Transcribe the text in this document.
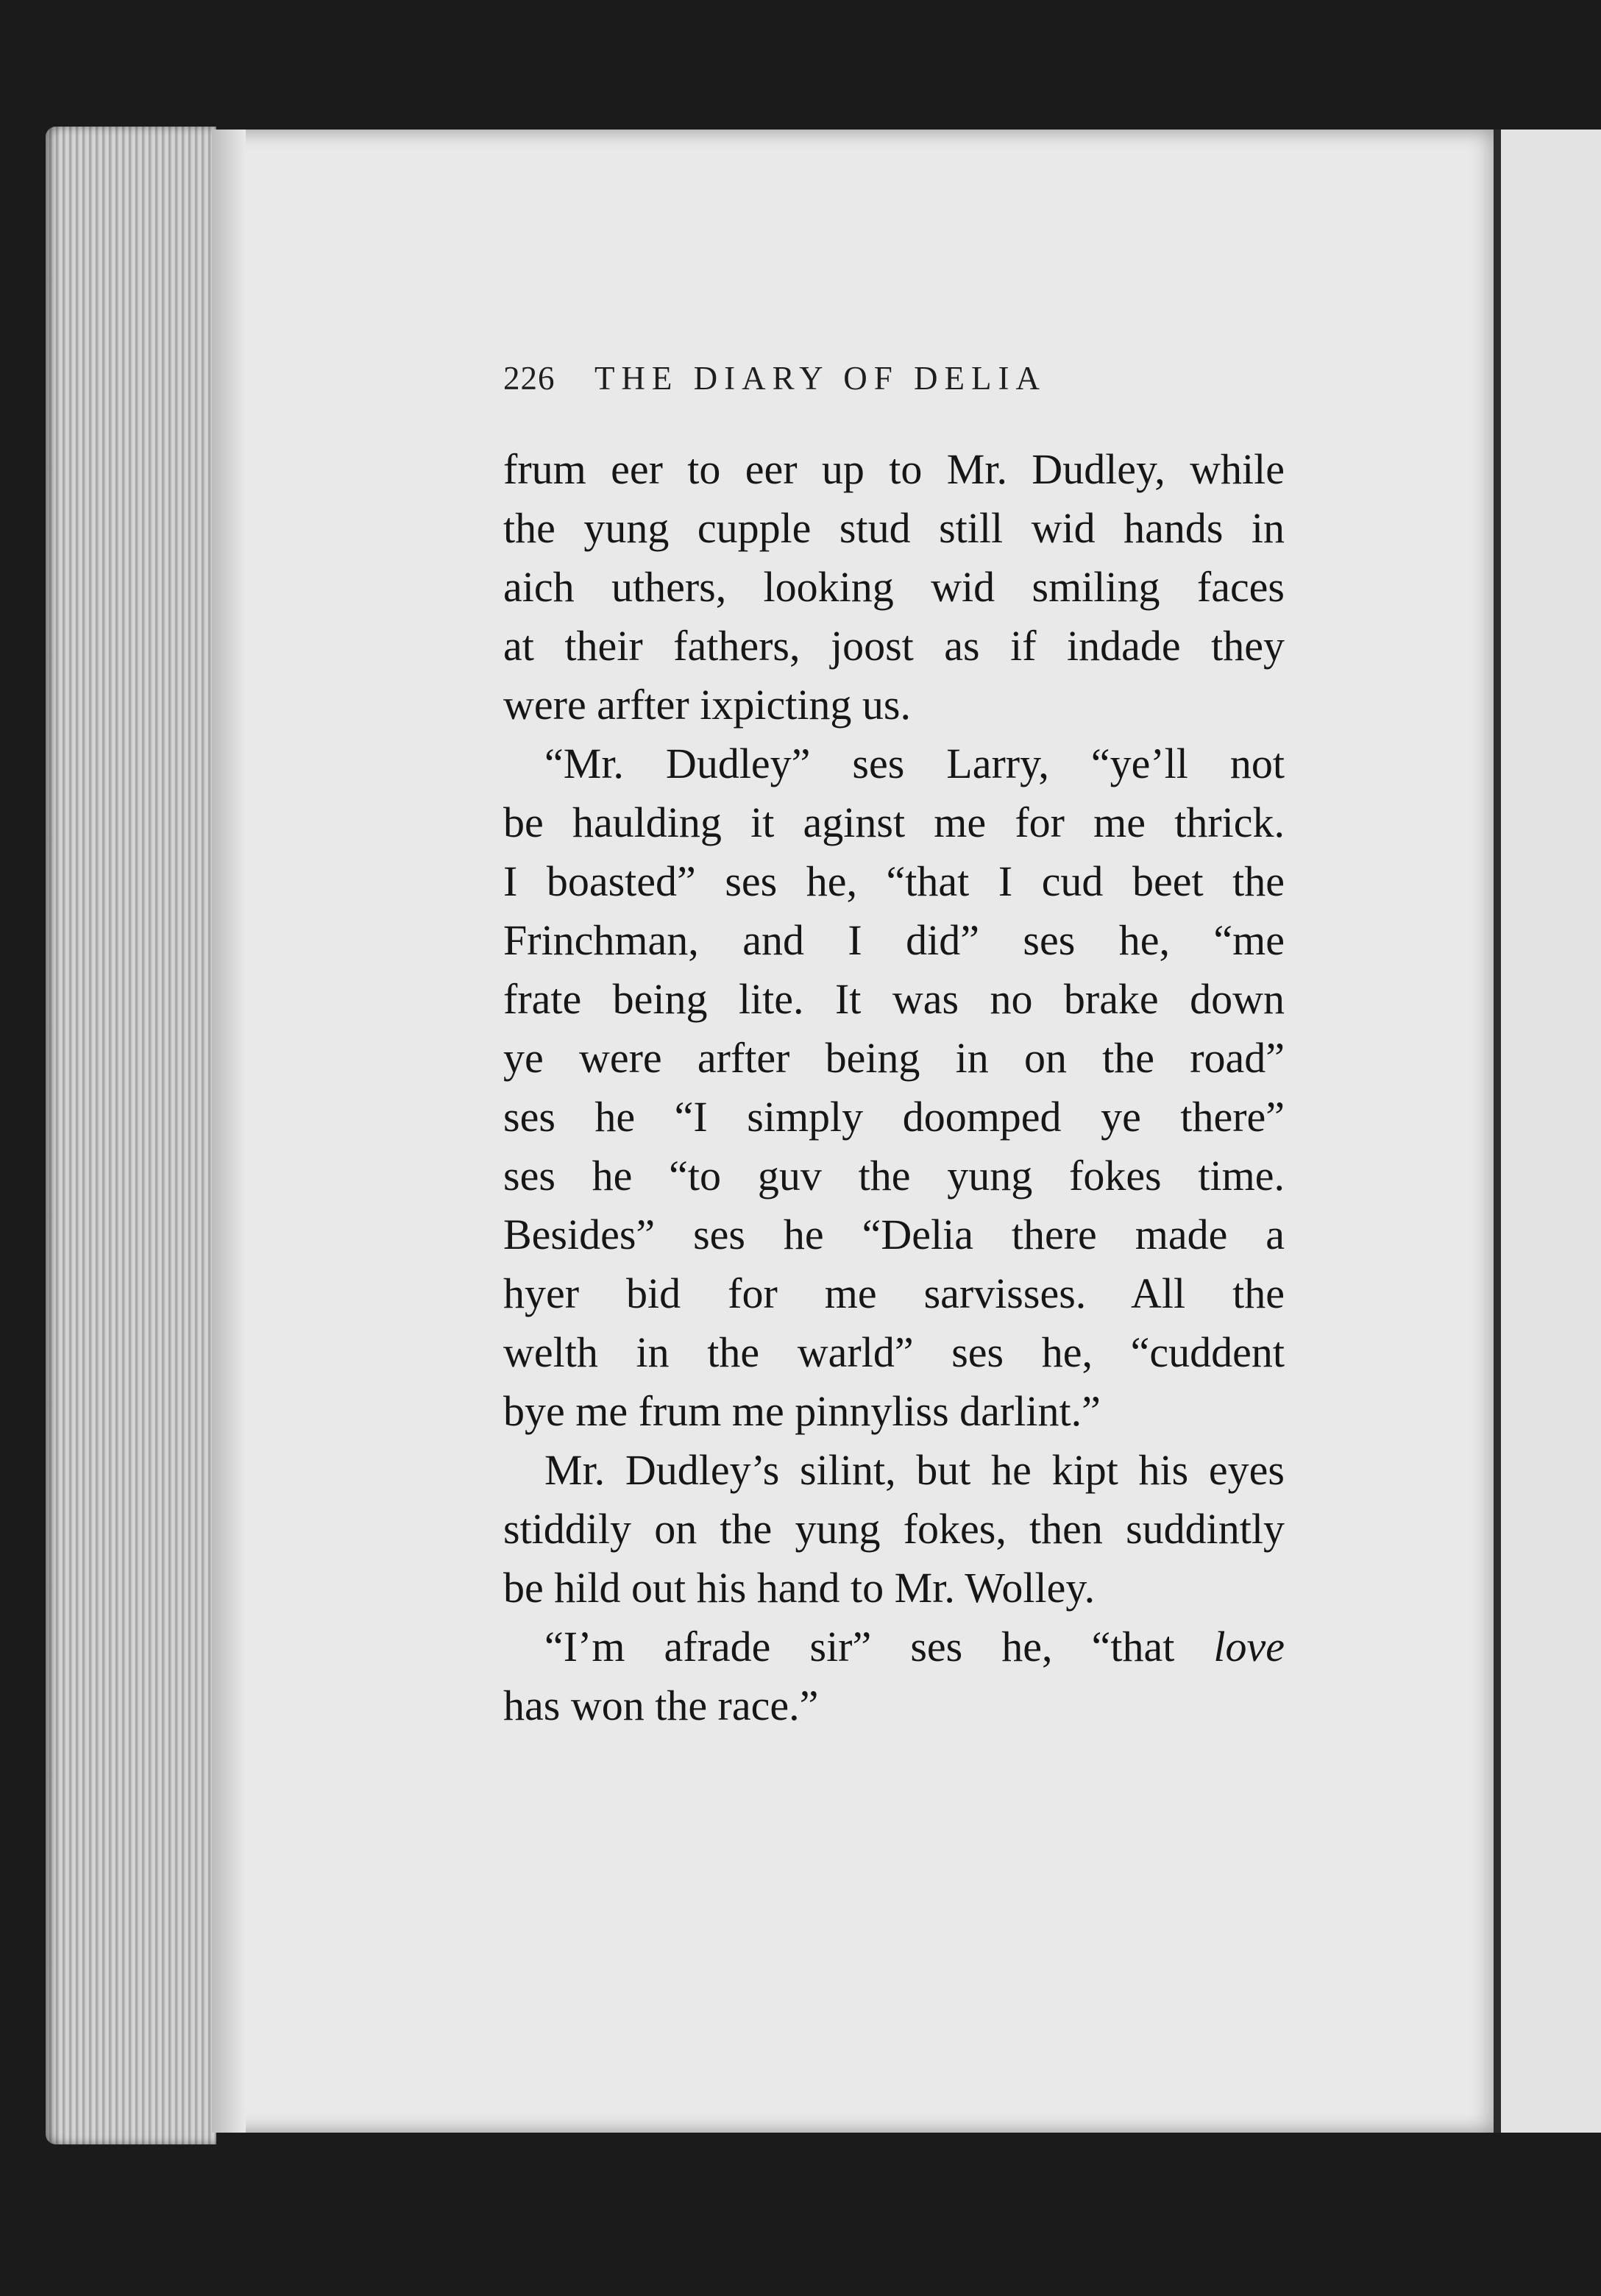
226 THE DIARY OF DELIA

frum eer to eer up to Mr. Dudley, while
the yung cupple stud still wid hands in
aich uthers, looking wid smiling faces
at their fathers, joost as if indade they
were arfter ixpicting us.

“Mr. Dudley” ses Larry, “ye’ll not
be haulding it aginst me for me thrick.
I boasted” ses he, “that I cud beet the
Frinchman, and I did” ses he, “me
frate being lite. It was no brake down
ye were arfter being in on the road”
ses he “I simply doomped ye there”
ses he “to guv the yung fokes time.
Besides” ses he “Delia there made a
hyer bid for me sarvisses. All the
welth in the warld” ses he, “cuddent
bye me frum me pinnyliss darlint.”

Mr. Dudley’s silint, but he kipt his eyes
stiddily on the yung fokes, then suddintly
be hild out his hand to Mr. Wolley.

“I’m afrade sir” ses he, “that love
has won the race.”
